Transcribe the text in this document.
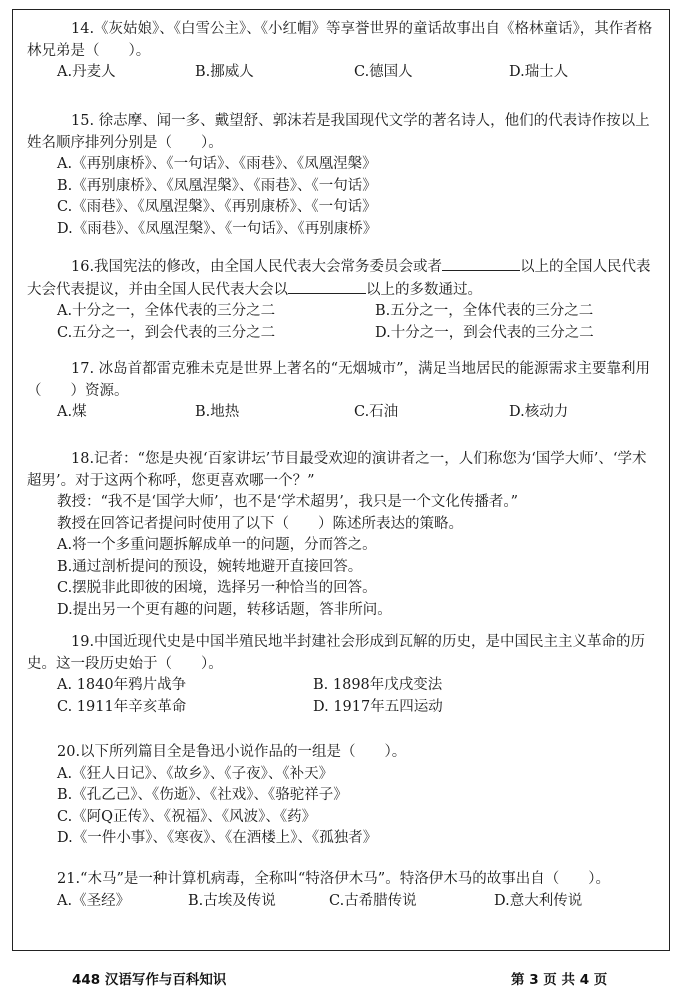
14.《灰姑娘》、《白雪公主》、《小红帽》等享誉世界的童话故事出自《格林童话》，其作者格林兄弟是（　　）。

A.丹麦人	B.挪威人	C.德国人	D.瑞士人

15. 徐志摩、闻一多、戴望舒、郭沫若是我国现代文学的著名诗人，他们的代表诗作按以上姓名顺序排列分别是（　　）。

A.《再别康桥》、《一句话》、《雨巷》、《凤凰涅槃》

B.《再别康桥》、《凤凰涅槃》、《雨巷》、《一句话》

C.《雨巷》、《凤凰涅槃》、《再别康桥》、《一句话》

D.《雨巷》、《凤凰涅槃》、《一句话》、《再别康桥》

16.我国宪法的修改，由全国人民代表大会常务委员会或者	以上的全国人民代表大会代表提议，并由全国人民代表大会以	以上的多数通过。

A.十分之一，全体代表的三分之二	B.五分之一，全体代表的三分之二
C.五分之一，到会代表的三分之二	D.十分之一，到会代表的三分之二

17. 冰岛首都雷克雅未克是世界上著名的“无烟城市”，满足当地居民的能源需求主要靠利用（　　）资源。

A.煤	B.地热	C.石油	D.核动力

18.记者：“您是央视‘百家讲坛’节目最受欢迎的演讲者之一，人们称您为‘国学大师’、‘学术超男’。对于这两个称呼，您更喜欢哪一个？”

教授：“我不是‘国学大师’，也不是‘学术超男’，我只是一个文化传播者。”

教授在回答记者提问时使用了以下（　　）陈述所表达的策略。

A.将一个多重问题拆解成单一的问题，分而答之。

B.通过剖析提问的预设，婉转地避开直接回答。

C.摆脱非此即彼的困境，选择另一种恰当的回答。

D.提出另一个更有趣的问题，转移话题，答非所问。

19.中国近现代史是中国半殖民地半封建社会形成到瓦解的历史，是中国民主主义革命的历史。这一段历史始于（　　）。

A. 1840年鸦片战争	B. 1898年戊戌变法
C. 1911年辛亥革命	D. 1917年五四运动

20.以下所列篇目全是鲁迅小说作品的一组是（　　）。

A.《狂人日记》、《故乡》、《子夜》、《补天》

B.《孔乙己》、《伤逝》、《社戏》、《骆驼祥子》

C.《阿Q正传》、《祝福》、《风波》、《药》

D.《一件小事》、《寒夜》、《在酒楼上》、《孤独者》

21.“木马”是一种计算机病毒，全称叫“特洛伊木马”。特洛伊木马的故事出自（　　）。

A.《圣经》	B.古埃及传说	C.古希腊传说	D.意大利传说
448 汉语写作与百科知识	第 3 页 共 4 页
